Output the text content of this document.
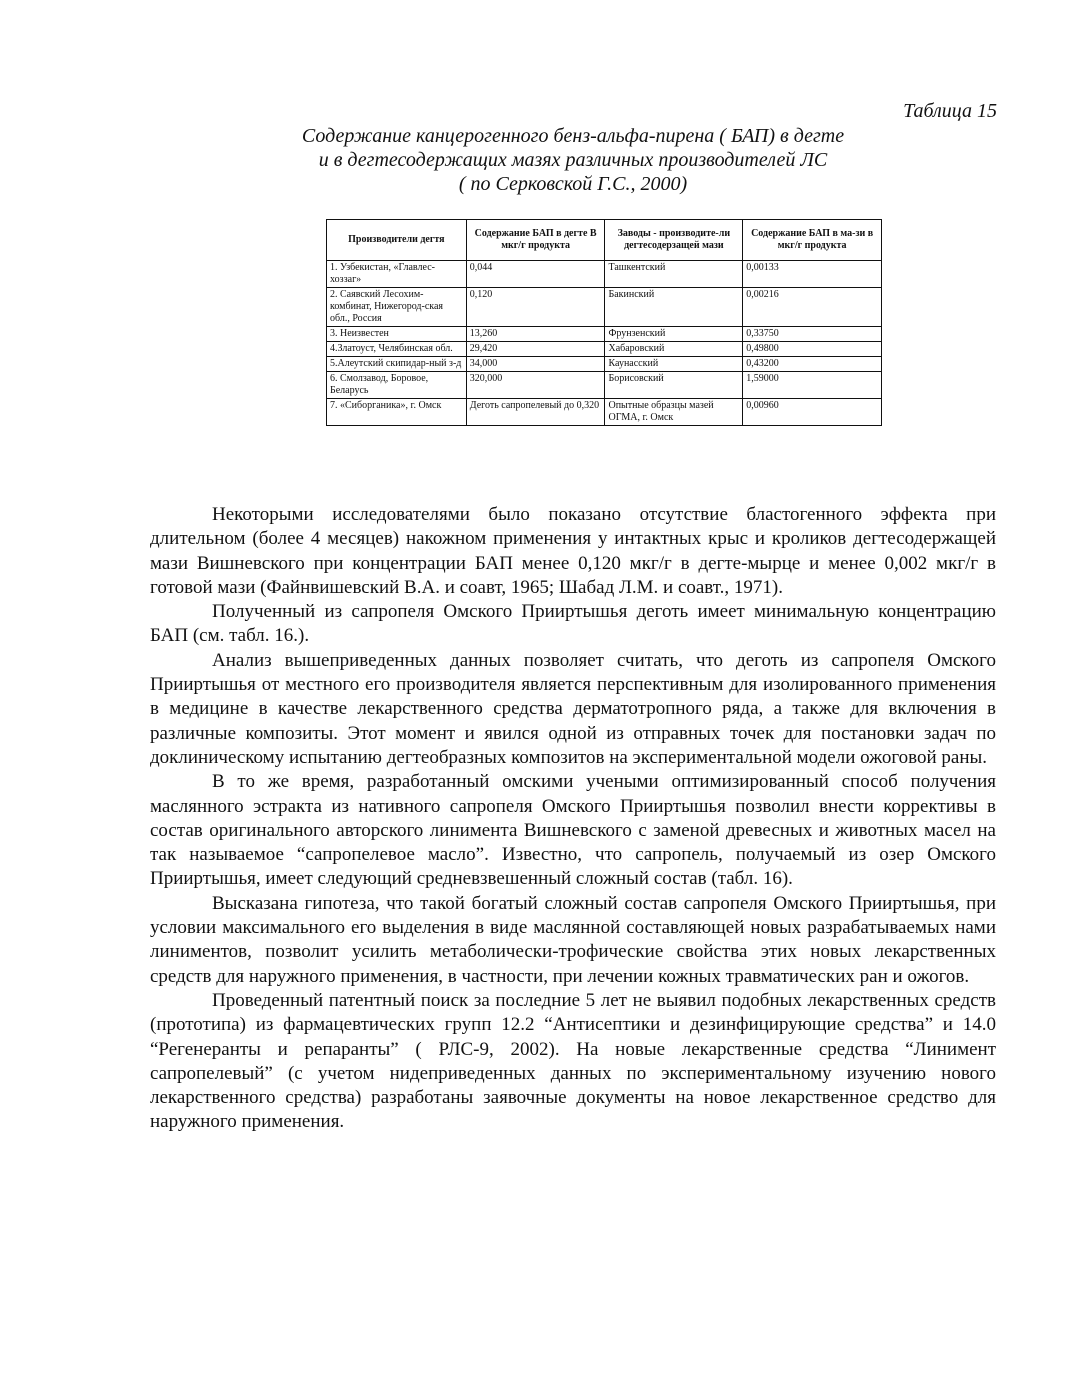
Таблица 15
Содержание канцерогенного бенз-альфа-пирена ( БАП) в дегте
и в дегтесодержащих мазях различных производителей ЛС
( по Серковской Г.С., 2000)
Производители дегтя	Содержание БАП в дегте В мкг/г продукта	Заводы - производите-ли дегтесодерзащей мази	Содержание БАП в ма-зи в мкг/г продукта
1. Узбекистан, «Главлес-хоззаг»	0,044	Ташкентский	0,00133
2. Саявский Лесохим-комбинат, Нижегород-ская обл., Россия	0,120	Бакинский	0,00216
3. Неизвестен	13,260	Фрунзенский	0,33750
4.Златоуст, Челябинская обл.	29,420	Хабаровский	0,49800
5.Алеутский скипидар-ный з-д	34,000	Каунасский	0,43200
6. Смолзавод, Боровое, Беларусь	320,000	Борисовский	1,59000
7. «Сиборганика», г. Омск	Деготь сапропелевый до 0,320	Опытные образцы мазей ОГМА, г. Омск	0,00960

Некоторыми исследователями было показано отсутствие бластогенного эффекта при длительном (более 4 месяцев) накожном применения у интактных крыс и кроликов дегтесодержащей мази Вишневского при концентрации БАП менее 0,120 мкг/г в дегте-мырце и менее 0,002 мкг/г в готовой мази (Файнвишевский В.А. и соавт, 1965; Шабад Л.М. и соавт., 1971).

Полученный из сапропеля Омского Прииртышья деготь имеет минимальную концентрацию БАП (см. табл. 16.).

Анализ вышеприведенных данных позволяет считать, что деготь из сапропеля Омского Прииртышья от местного его производителя является перспективным для изолированного применения в медицине в качестве лекарственного средства дерматотропного ряда, а также для включения в различные композиты. Этот момент и явился одной из отправных точек для постановки задач по доклиническому испытанию дегтеобразных композитов на экспериментальной модели ожоговой раны.

В то же время, разработанный омскими учеными оптимизированный способ получения маслянного эстракта из нативного сапропеля Омского Прииртышья позволил внести коррективы в состав оригинального авторского линимента Вишневского с заменой древесных и животных масел на так называемое “сапропелевое масло”. Известно, что сапропель, получаемый из озер Омского Прииртышья, имеет следующий средневзвешенный сложный состав (табл. 16).

Высказана гипотеза, что такой богатый сложный состав сапропеля Омского Прииртышья, при условии максимального его выделения в виде маслянной составляющей новых разрабатываемых нами линиментов, позволит усилить метаболически-трофические свойства этих новых лекарственных средств для наружного применения, в частности, при лечении кожных травматических ран и ожогов.

Проведенный патентный поиск за последние 5 лет не выявил подобных лекарственных средств (прототипа) из фармацевтических групп 12.2 “Антисептики и дезинфицирующие средства” и 14.0 “Регенеранты и репаранты” ( РЛС-9, 2002). На новые лекарственные средства “Линимент сапропелевый” (с учетом нидеприведенных данных по экспериментальному изучению нового лекарственного средства) разработаны заявочные документы на новое лекарственное средство для наружного применения.
